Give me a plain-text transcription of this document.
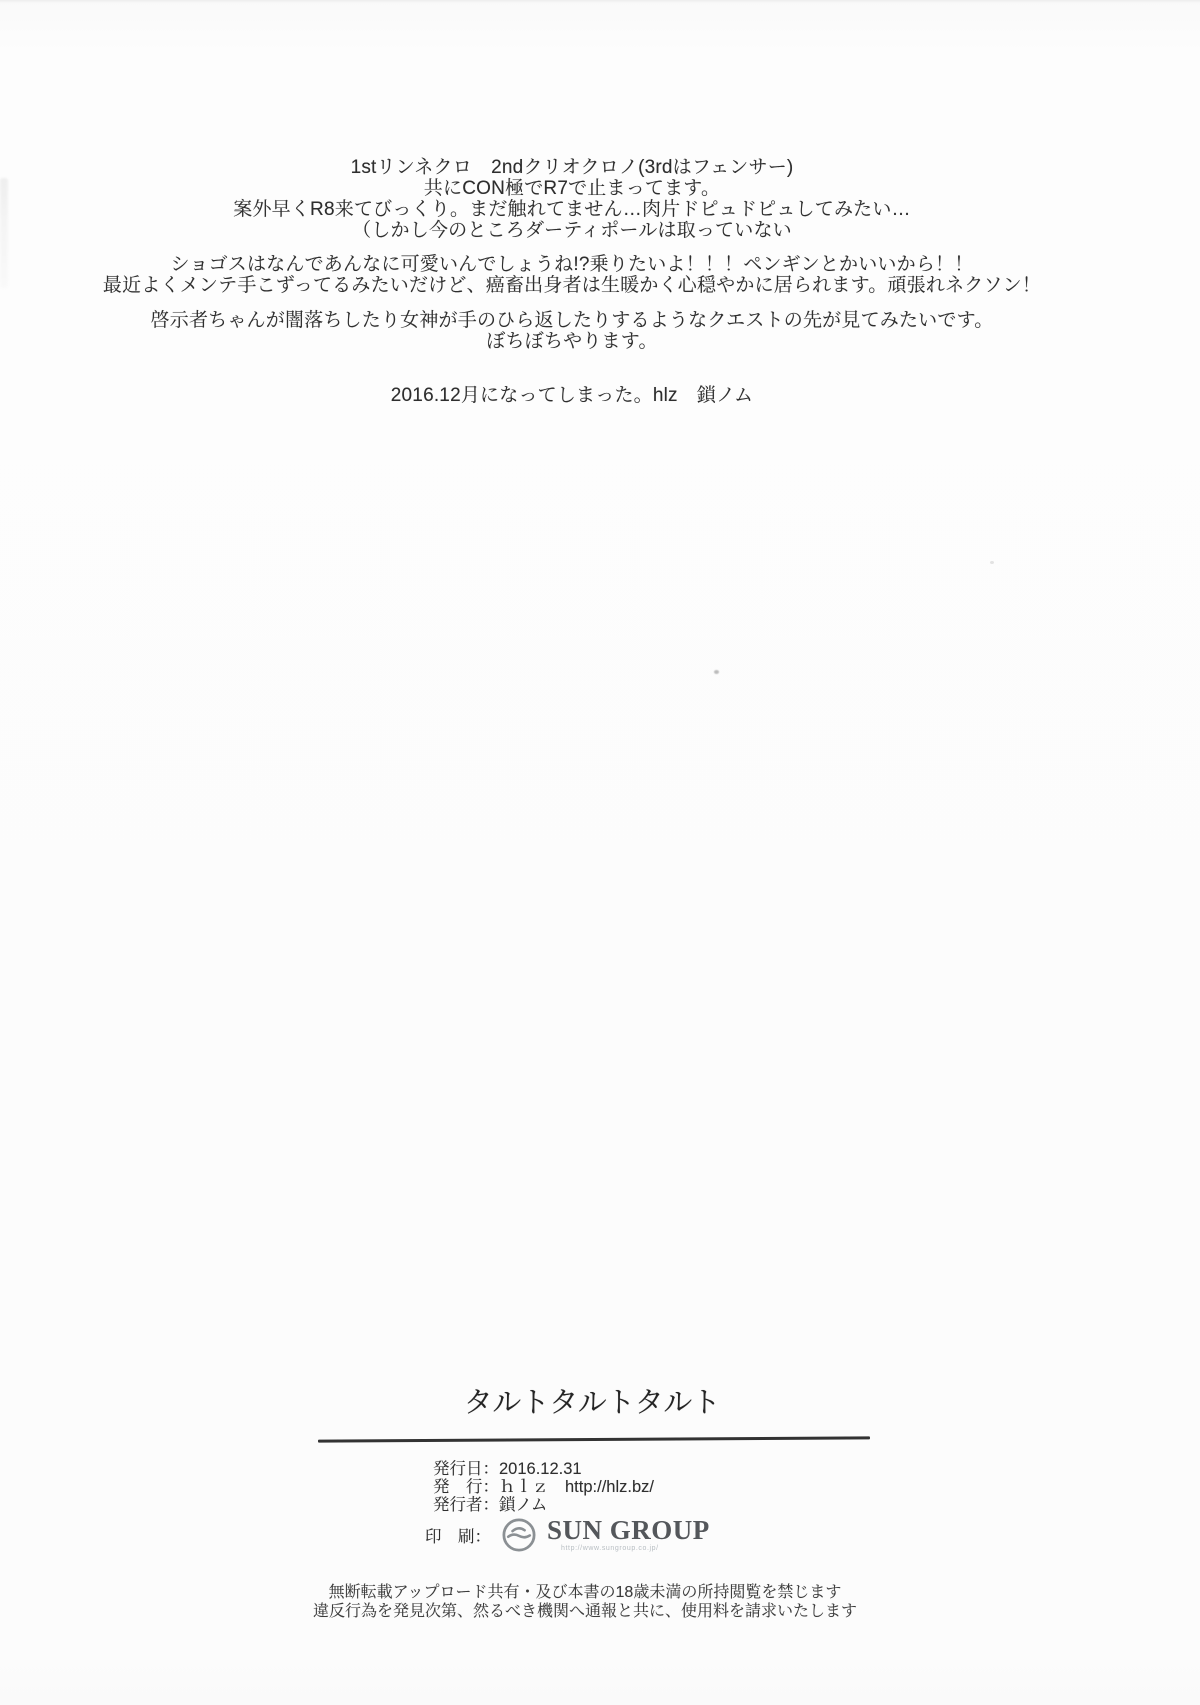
1stリンネクロ　2ndクリオクロノ(3rdはフェンサー)
共にCON極でR7で止まってます。
案外早くR8来てびっくり。まだ触れてません…肉片ドピュドピュしてみたい…
（しかし今のところダーティポールは取っていない

ショゴスはなんであんなに可愛いんでしょうね!?乗りたいよ！！！ペンギンとかいいから！！
最近よくメンテ手こずってるみたいだけど、癌畜出身者は生暖かく心穏やかに居られます。頑張れネクソン！

啓示者ちゃんが闇落ちしたり女神が手のひら返したりするようなクエストの先が見てみたいです。
ぼちぼちやります。

2016.12月になってしまった。hlz　鎖ノム

タルトタルトタルト
発行日：2016.12.31
発　行：ｈｌｚ　http://hlz.bz/
発行者：鎖ノム
印　刷： SUN GROUP
http://www.sungroup.co.jp/

無断転載アップロード共有・及び本書の18歳未満の所持閲覧を禁じます

違反行為を発見次第、然るべき機関へ通報と共に、使用料を請求いたします
